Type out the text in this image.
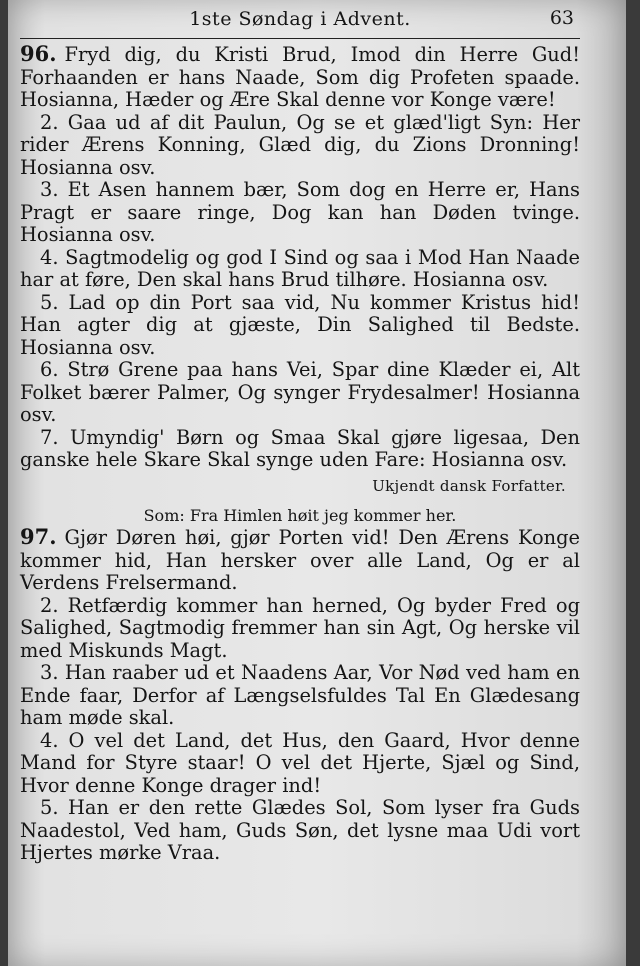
1ste Søndag i Advent.	63

96. Fryd dig, du Kristi Brud, Imod din Herre Gud! Forhaanden er hans Naade, Som dig Profeten spaade. Hosianna, Hæder og Ære Skal denne vor Konge være!

2. Gaa ud af dit Paulun, Og se et glæd'ligt Syn: Her rider Ærens Konning, Glæd dig, du Zions Dronning! Hosianna osv.

3. Et Asen hannem bær, Som dog en Herre er, Hans Pragt er saare ringe, Dog kan han Døden tvinge. Hosianna osv.

4. Sagtmodelig og god I Sind og saa i Mod Han Naade har at føre, Den skal hans Brud tilhøre. Hosianna osv.

5. Lad op din Port saa vid, Nu kommer Kristus hid! Han agter dig at gjæste, Din Salighed til Bedste. Hosianna osv.

6. Strø Grene paa hans Vei, Spar dine Klæder ei, Alt Folket bærer Palmer, Og synger Frydesalmer! Hosianna osv.

7. Umyndig' Børn og Smaa Skal gjøre ligesaa, Den ganske hele Skare Skal synge uden Fare: Hosianna osv.
Ukjendt dansk Forfatter.

Som: Fra Himlen høit jeg kommer her.

97. Gjør Døren høi, gjør Porten vid! Den Ærens Konge kommer hid, Han hersker over alle Land, Og er al Verdens Frelsermand.

2. Retfærdig kommer han herned, Og byder Fred og Salighed, Sagtmodig fremmer han sin Agt, Og herske vil med Miskunds Magt.

3. Han raaber ud et Naadens Aar, Vor Nød ved ham en Ende faar, Derfor af Længselsfuldes Tal En Glædesang ham møde skal.

4. O vel det Land, det Hus, den Gaard, Hvor denne Mand for Styre staar! O vel det Hjerte, Sjæl og Sind, Hvor denne Konge drager ind!

5. Han er den rette Glædes Sol, Som lyser fra Guds Naadestol, Ved ham, Guds Søn, det lysne maa Udi vort Hjertes mørke Vraa.
